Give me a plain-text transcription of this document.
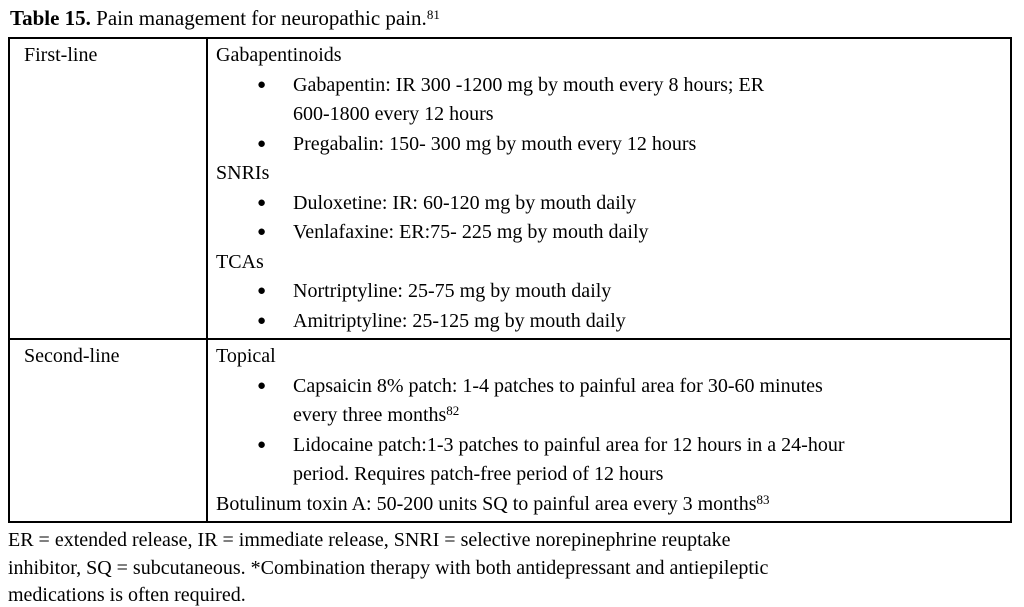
Table 15. Pain management for neuropathic pain.$^{81}$

First-line	Gabapentinoids
● Gabapentin: IR 300 -1200 mg by mouth every 8 hours; ER
600-1800 every 12 hours
● Pregabalin: 150- 300 mg by mouth every 12 hours
SNRIs
● Duloxetine: IR: 60-120 mg by mouth daily
● Venlafaxine: ER:75- 225 mg by mouth daily
TCAs
● Nortriptyline: 25-75 mg by mouth daily
● Amitriptyline: 25-125 mg by mouth daily

Second-line	Topical
● Capsaicin 8% patch: 1-4 patches to painful area for 30-60 minutes
every three months$^{82}$
● Lidocaine patch:1-3 patches to painful area for 12 hours in a 24-hour
period. Requires patch-free period of 12 hours
Botulinum toxin A: 50-200 units SQ to painful area every 3 months$^{83}$

ER = extended release, IR = immediate release, SNRI = selective norepinephrine reuptake
inhibitor, SQ = subcutaneous. *Combination therapy with both antidepressant and antiepileptic
medications is often required.
